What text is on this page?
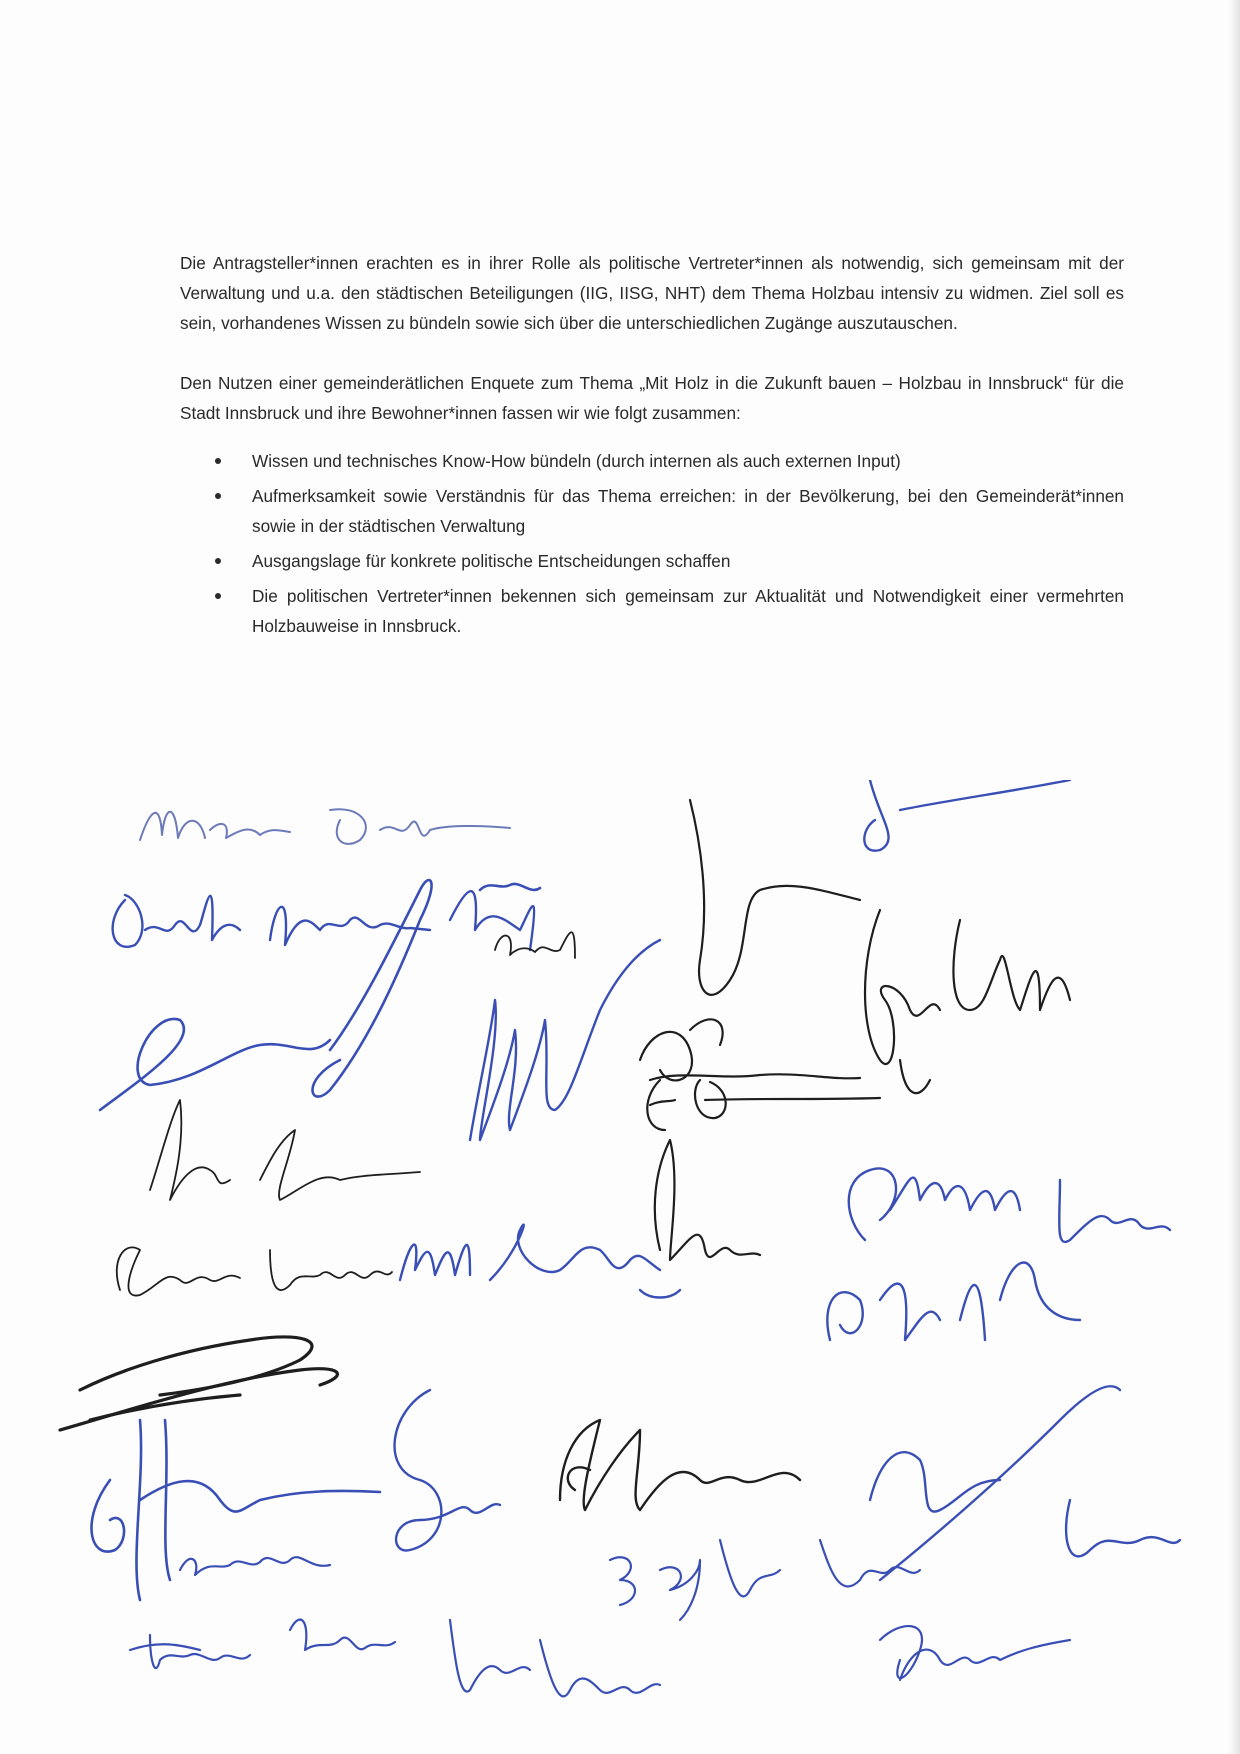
Die Antragsteller*innen erachten es in ihrer Rolle als politische Vertreter*innen als notwendig, sich gemeinsam mit der Verwaltung und u.a. den städtischen Beteiligungen (IIG, IISG, NHT) dem Thema Holzbau intensiv zu widmen. Ziel soll es sein, vorhandenes Wissen zu bündeln sowie sich über die unterschiedlichen Zugänge auszutauschen.

Den Nutzen einer gemeinderätlichen Enquete zum Thema „Mit Holz in die Zukunft bauen – Holzbau in Innsbruck“ für die Stadt Innsbruck und ihre Bewohner*innen fassen wir wie folgt zusammen:

Wissen und technisches Know-How bündeln (durch internen als auch externen Input)
Aufmerksamkeit sowie Verständnis für das Thema erreichen: in der Bevölkerung, bei den Gemeinderät*innen sowie in der städtischen Verwaltung
Ausgangslage für konkrete politische Entscheidungen schaffen
Die politischen Vertreter*innen bekennen sich gemeinsam zur Aktualität und Notwendigkeit einer vermehrten Holzbauweise in Innsbruck.
